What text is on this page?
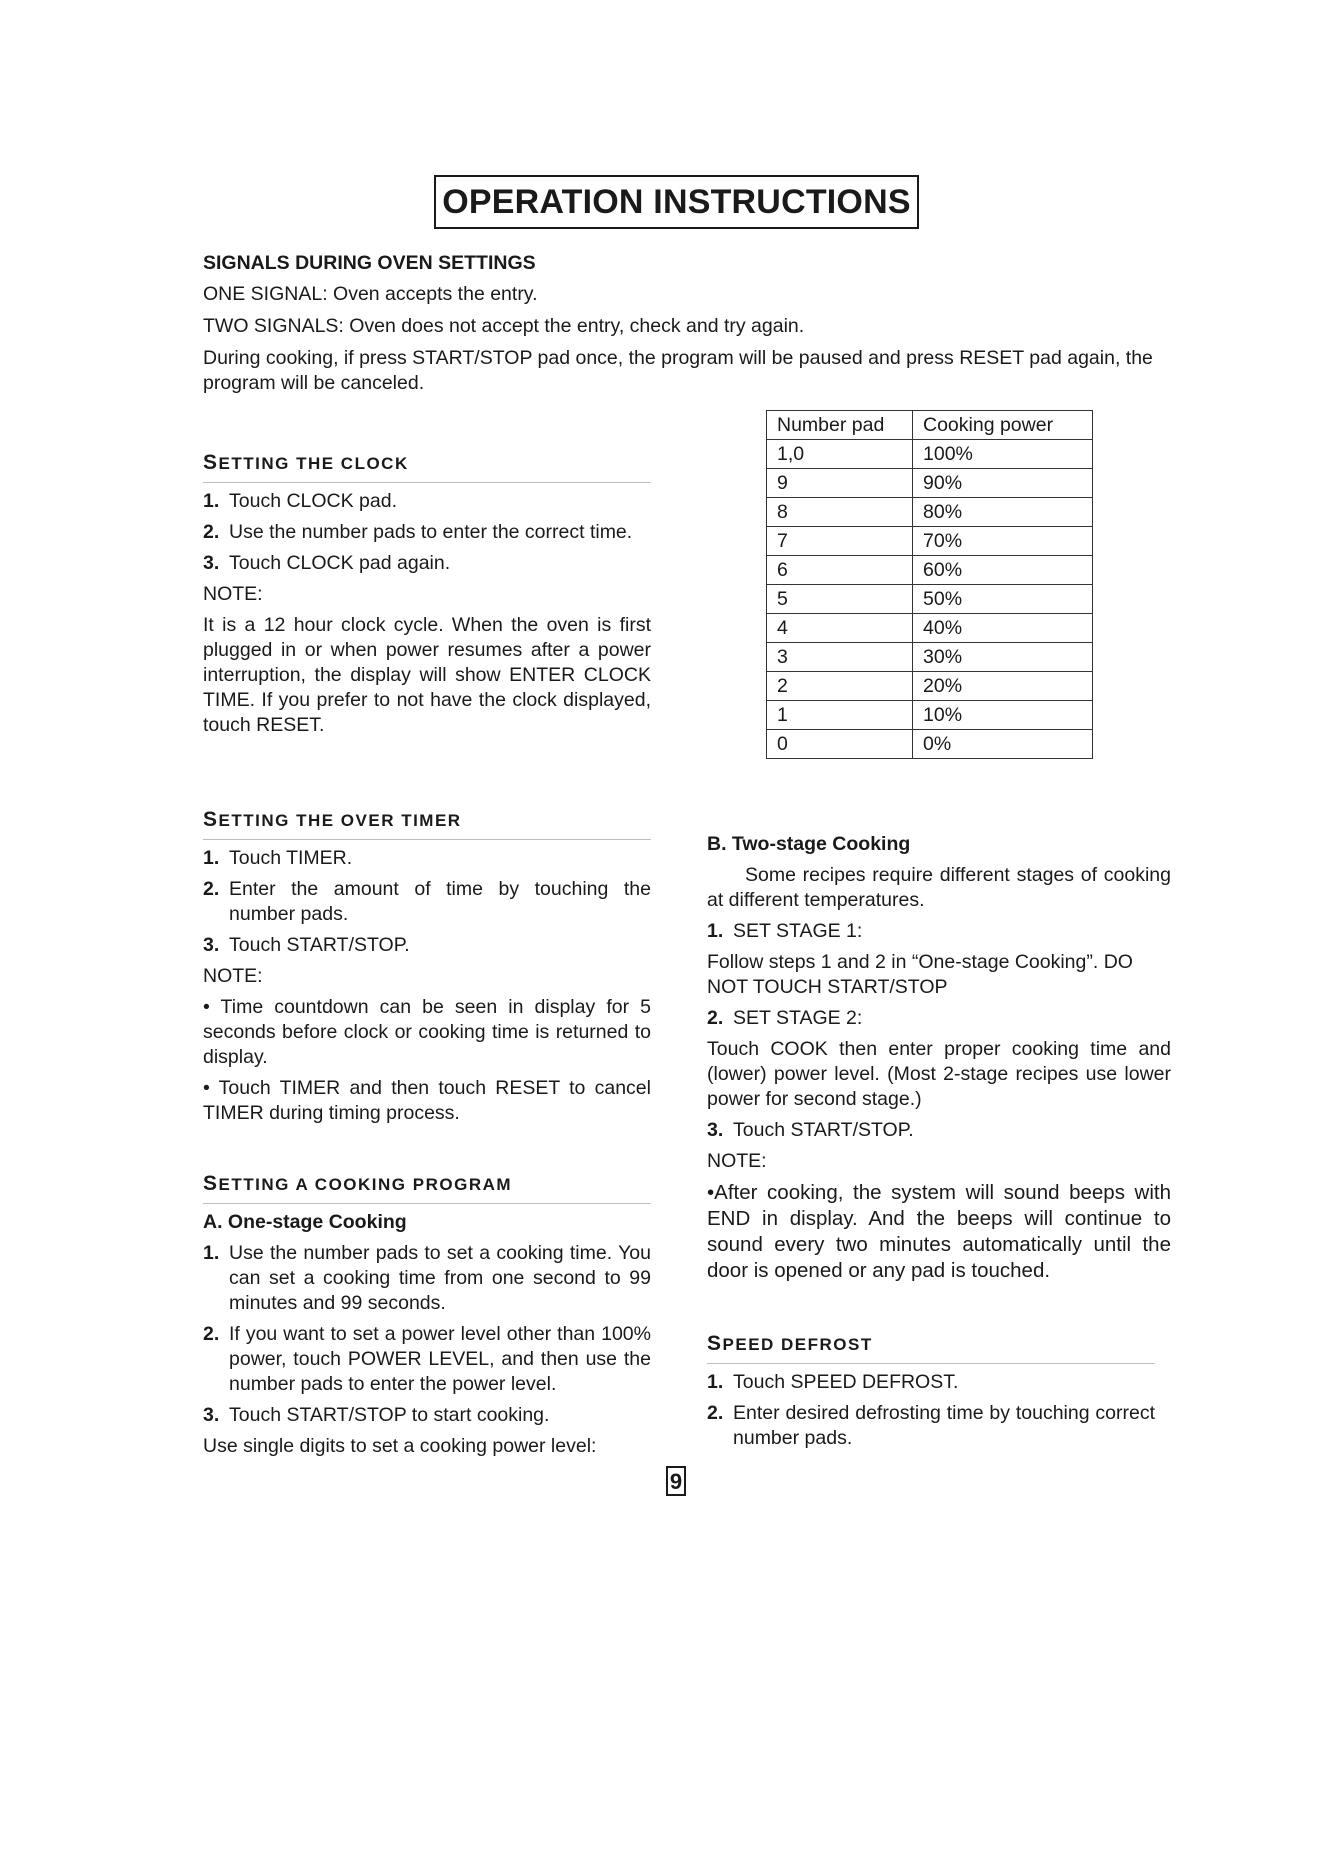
OPERATION INSTRUCTIONS

SIGNALS DURING OVEN SETTINGS

ONE SIGNAL: Oven accepts the entry.

TWO SIGNALS: Oven does not accept the entry, check and try again.

During cooking, if press START/STOP pad once, the program will be paused and press RESET pad again, the program will be canceled.

SETTING THE CLOCK
1. Touch CLOCK pad.
2. Use the number pads to enter the correct time.
3. Touch CLOCK pad again.

NOTE:

It is a 12 hour clock cycle. When the oven is first plugged in or when power resumes after a power interruption, the display will show ENTER CLOCK TIME. If you prefer to not have the clock displayed, touch RESET.

SETTING THE OVER TIMER
1. Touch TIMER.
2. Enter the amount of time by touching the number pads.
3. Touch START/STOP.

NOTE:

• Time countdown can be seen in display for 5 seconds before clock or cooking time is returned to display.

• Touch TIMER and then touch RESET to cancel TIMER during timing process.

SETTING A COOKING PROGRAM

A. One-stage Cooking

1. Use the number pads to set a cooking time. You can set a cooking time from one second to 99 minutes and 99 seconds.
2. If you want to set a power level other than 100% power, touch POWER LEVEL, and then use the number pads to enter the power level.
3. Touch START/STOP to start cooking.

Use single digits to set a cooking power level:

Number pad	Cooking power
1,0	100%
9	90%
8	80%
7	70%
6	60%
5	50%
4	40%
3	30%
2	20%
1	10%
0	0%

B. Two-stage Cooking

Some recipes require different stages of cooking at different temperatures.

1. SET STAGE 1:

Follow steps 1 and 2 in “One-stage Cooking”. DO NOT TOUCH START/STOP

2. SET STAGE 2:

Touch COOK then enter proper cooking time and (lower) power level. (Most 2-stage recipes use lower power for second stage.)

3. Touch START/STOP.

NOTE:

•After cooking, the system will sound beeps with END in display. And the beeps will continue to sound every two minutes automatically until the door is opened or any pad is touched.

SPEED DEFROST
1. Touch SPEED DEFROST.
2. Enter desired defrosting time by touching correct number pads.
9
